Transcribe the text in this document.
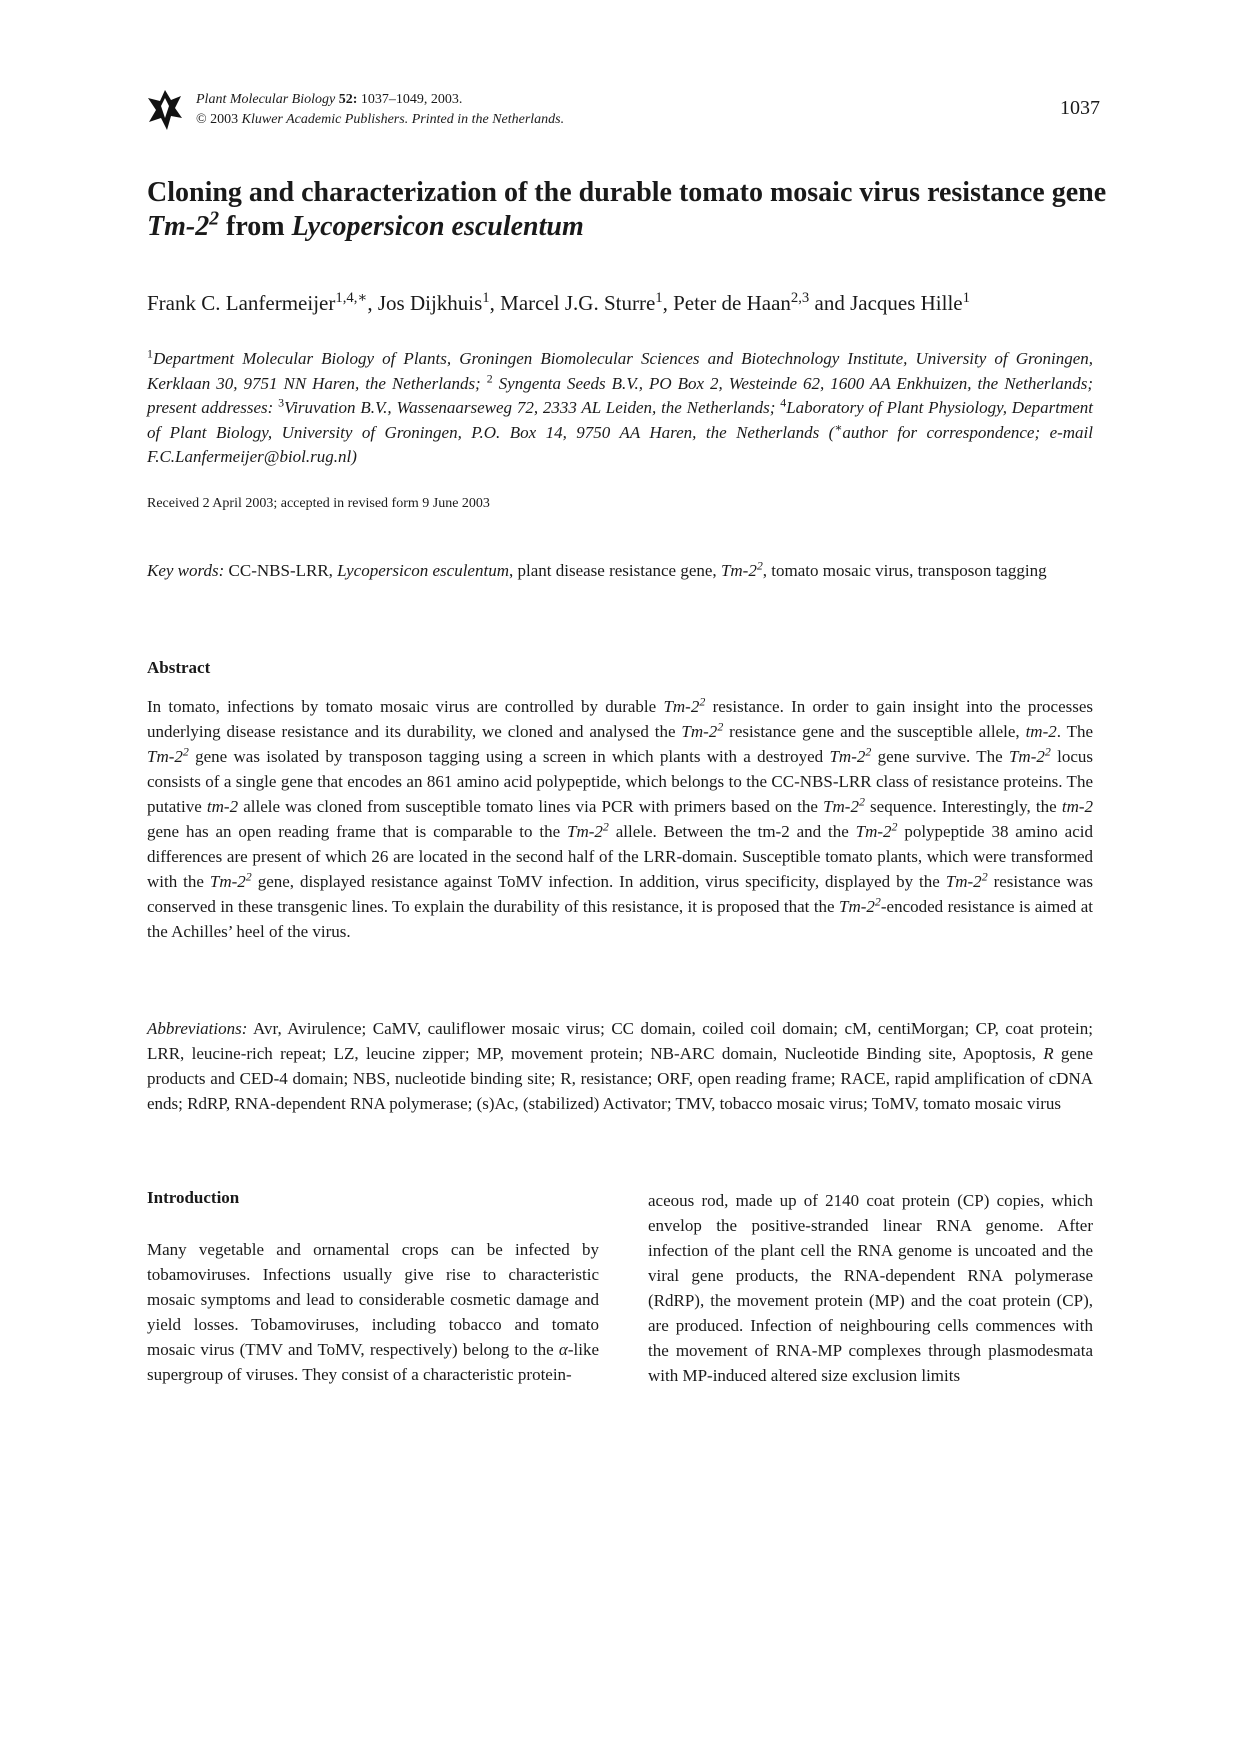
Plant Molecular Biology 52: 1037–1049, 2003.
© 2003 Kluwer Academic Publishers. Printed in the Netherlands.
1037
Cloning and characterization of the durable tomato mosaic virus resistance gene $Tm-2^2$ from Lycopersicon esculentum
Frank C. Lanfermeijer$^{1,4,∗}$, Jos Dijkhuis$^1$, Marcel J.G. Sturre$^1$, Peter de Haan$^{2,3}$ and Jacques Hille$^1$
$^1$Department Molecular Biology of Plants, Groningen Biomolecular Sciences and Biotechnology Institute, University of Groningen, Kerklaan 30, 9751 NN Haren, the Netherlands; $^2$ Syngenta Seeds B.V., PO Box 2, Westeinde 62, 1600 AA Enkhuizen, the Netherlands; present addresses: $^3$Viruvation B.V., Wassenaarseweg 72, 2333 AL Leiden, the Netherlands; $^4$Laboratory of Plant Physiology, Department of Plant Biology, University of Groningen, P.O. Box 14, 9750 AA Haren, the Netherlands (∗author for correspondence; e-mail F.C.Lanfermeijer@biol.rug.nl)
Received 2 April 2003; accepted in revised form 9 June 2003
Key words: CC-NBS-LRR, Lycopersicon esculentum, plant disease resistance gene, $Tm-2^2$, tomato mosaic virus, transposon tagging
Abstract

In tomato, infections by tomato mosaic virus are controlled by durable $Tm-2^2$ resistance. In order to gain insight into the processes underlying disease resistance and its durability, we cloned and analysed the $Tm-2^2$ resistance gene and the susceptible allele, tm-2. The $Tm-2^2$ gene was isolated by transposon tagging using a screen in which plants with a destroyed $Tm-2^2$ gene survive. The $Tm-2^2$ locus consists of a single gene that encodes an 861 amino acid polypeptide, which belongs to the CC-NBS-LRR class of resistance proteins. The putative tm-2 allele was cloned from susceptible tomato lines via PCR with primers based on the $Tm-2^2$ sequence. Interestingly, the tm-2 gene has an open reading frame that is comparable to the $Tm-2^2$ allele. Between the tm-2 and the $Tm-2^2$ polypeptide 38 amino acid differences are present of which 26 are located in the second half of the LRR-domain. Susceptible tomato plants, which were transformed with the $Tm-2^2$ gene, displayed resistance against ToMV infection. In addition, virus specificity, displayed by the $Tm-2^2$ resistance was conserved in these transgenic lines. To explain the durability of this resistance, it is proposed that the $Tm-2^2$-encoded resistance is aimed at the Achilles’ heel of the virus.

Abbreviations: Avr, Avirulence; CaMV, cauliflower mosaic virus; CC domain, coiled coil domain; cM, centiMorgan; CP, coat protein; LRR, leucine-rich repeat; LZ, leucine zipper; MP, movement protein; NB-ARC domain, Nucleotide Binding site, Apoptosis, R gene products and CED-4 domain; NBS, nucleotide binding site; R, resistance; ORF, open reading frame; RACE, rapid amplification of cDNA ends; RdRP, RNA-dependent RNA polymerase; (s)Ac, (stabilized) Activator; TMV, tobacco mosaic virus; ToMV, tomato mosaic virus

Introduction

Many vegetable and ornamental crops can be infected by tobamoviruses. Infections usually give rise to characteristic mosaic symptoms and lead to considerable cosmetic damage and yield losses. Tobamoviruses, including tobacco and tomato mosaic virus (TMV and ToMV, respectively) belong to the α-like supergroup of viruses. They consist of a characteristic protein-

aceous rod, made up of 2140 coat protein (CP) copies, which envelop the positive-stranded linear RNA genome. After infection of the plant cell the RNA genome is uncoated and the viral gene products, the RNA-dependent RNA polymerase (RdRP), the movement protein (MP) and the coat protein (CP), are produced. Infection of neighbouring cells commences with the movement of RNA-MP complexes through plasmodesmata with MP-induced altered size exclusion limits
